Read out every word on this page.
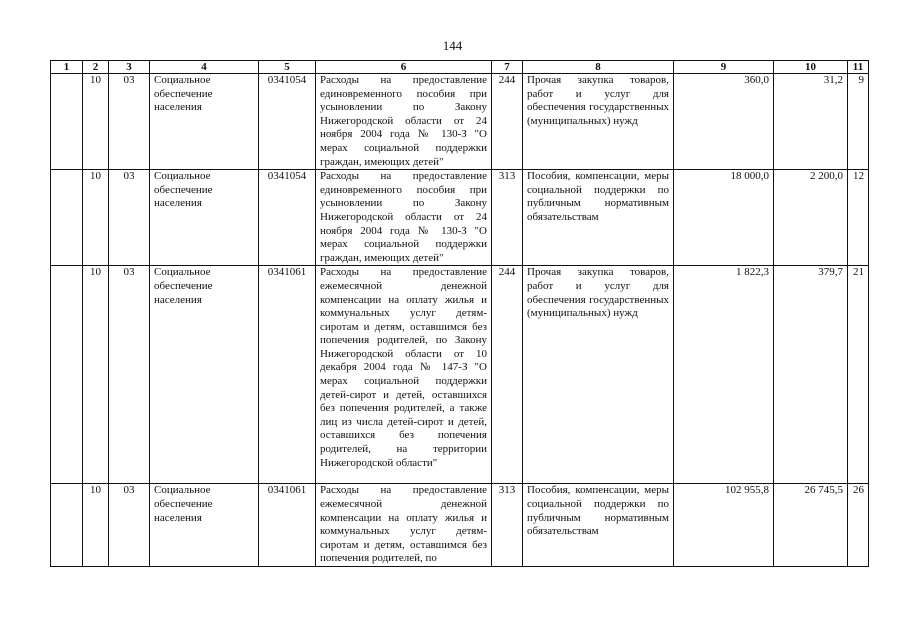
144
1	2	3	4	5	6	7	8	9	10	11
	10	03	Социальное обеспечение населения	0341054	Расходы на предоставление единовременного пособия при усыновлении по Закону Нижегородской области от 24 ноября 2004 года № 130-З "О мерах социальной поддержки граждан, имеющих детей"	244	Прочая закупка товаров, работ и услуг для обеспечения государственных (муниципальных) нужд	360,0	31,2	9
	10	03	Социальное обеспечение населения	0341054	Расходы на предоставление единовременного пособия при усыновлении по Закону Нижегородской области от 24 ноября 2004 года № 130-З "О мерах социальной поддержки граждан, имеющих детей"	313	Пособия, компенсации, меры социальной поддержки по публичным нормативным обязательствам	18 000,0	2 200,0	12
	10	03	Социальное обеспечение населения	0341061	Расходы на предоставление ежемесячной денежной компенсации на оплату жилья и коммунальных услуг детям-сиротам и детям, оставшимся без попечения родителей, по Закону Нижегородской области от 10 декабря 2004 года № 147-З "О мерах социальной поддержки детей-сирот и детей, оставшихся без попечения родителей, а также лиц из числа детей-сирот и детей, оставшихся без попечения родителей, на территории Нижегородской области"	244	Прочая закупка товаров, работ и услуг для обеспечения государственных (муниципальных) нужд	1 822,3	379,7	21
	10	03	Социальное обеспечение населения	0341061	Расходы на предоставление ежемесячной денежной компенсации на оплату жилья и коммунальных услуг детям-сиротам и детям, оставшимся без попечения родителей, по	313	Пособия, компенсации, меры социальной поддержки по публичным нормативным обязательствам	102 955,8	26 745,5	26
